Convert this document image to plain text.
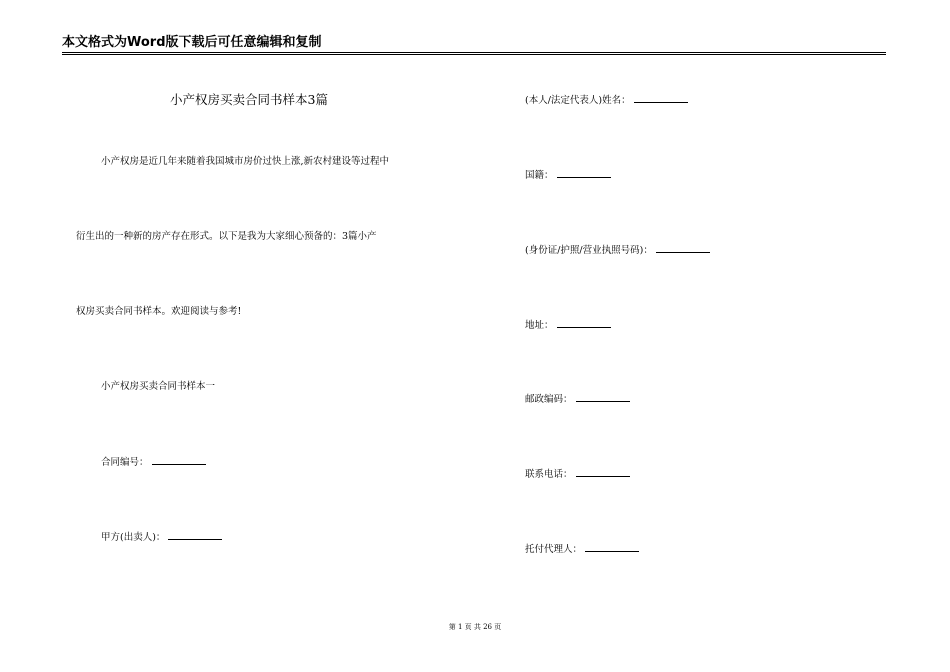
本文格式为Word版下载后可任意编辑和复制
小产权房买卖合同书样本3篇
小产权房是近几年来随着我国城市房价过快上涨,新农村建设等过程中
衍生出的一种新的房产存在形式。以下是我为大家细心预备的：3篇小产
权房买卖合同书样本。欢迎阅读与参考!
小产权房买卖合同书样本一
合同编号：
甲方(出卖人)：
(本人/法定代表人)姓名：
国籍：
(身份证/护照/营业执照号码)：
地址：
邮政编码：
联系电话：
托付代理人：
第 1 页 共 26 页
